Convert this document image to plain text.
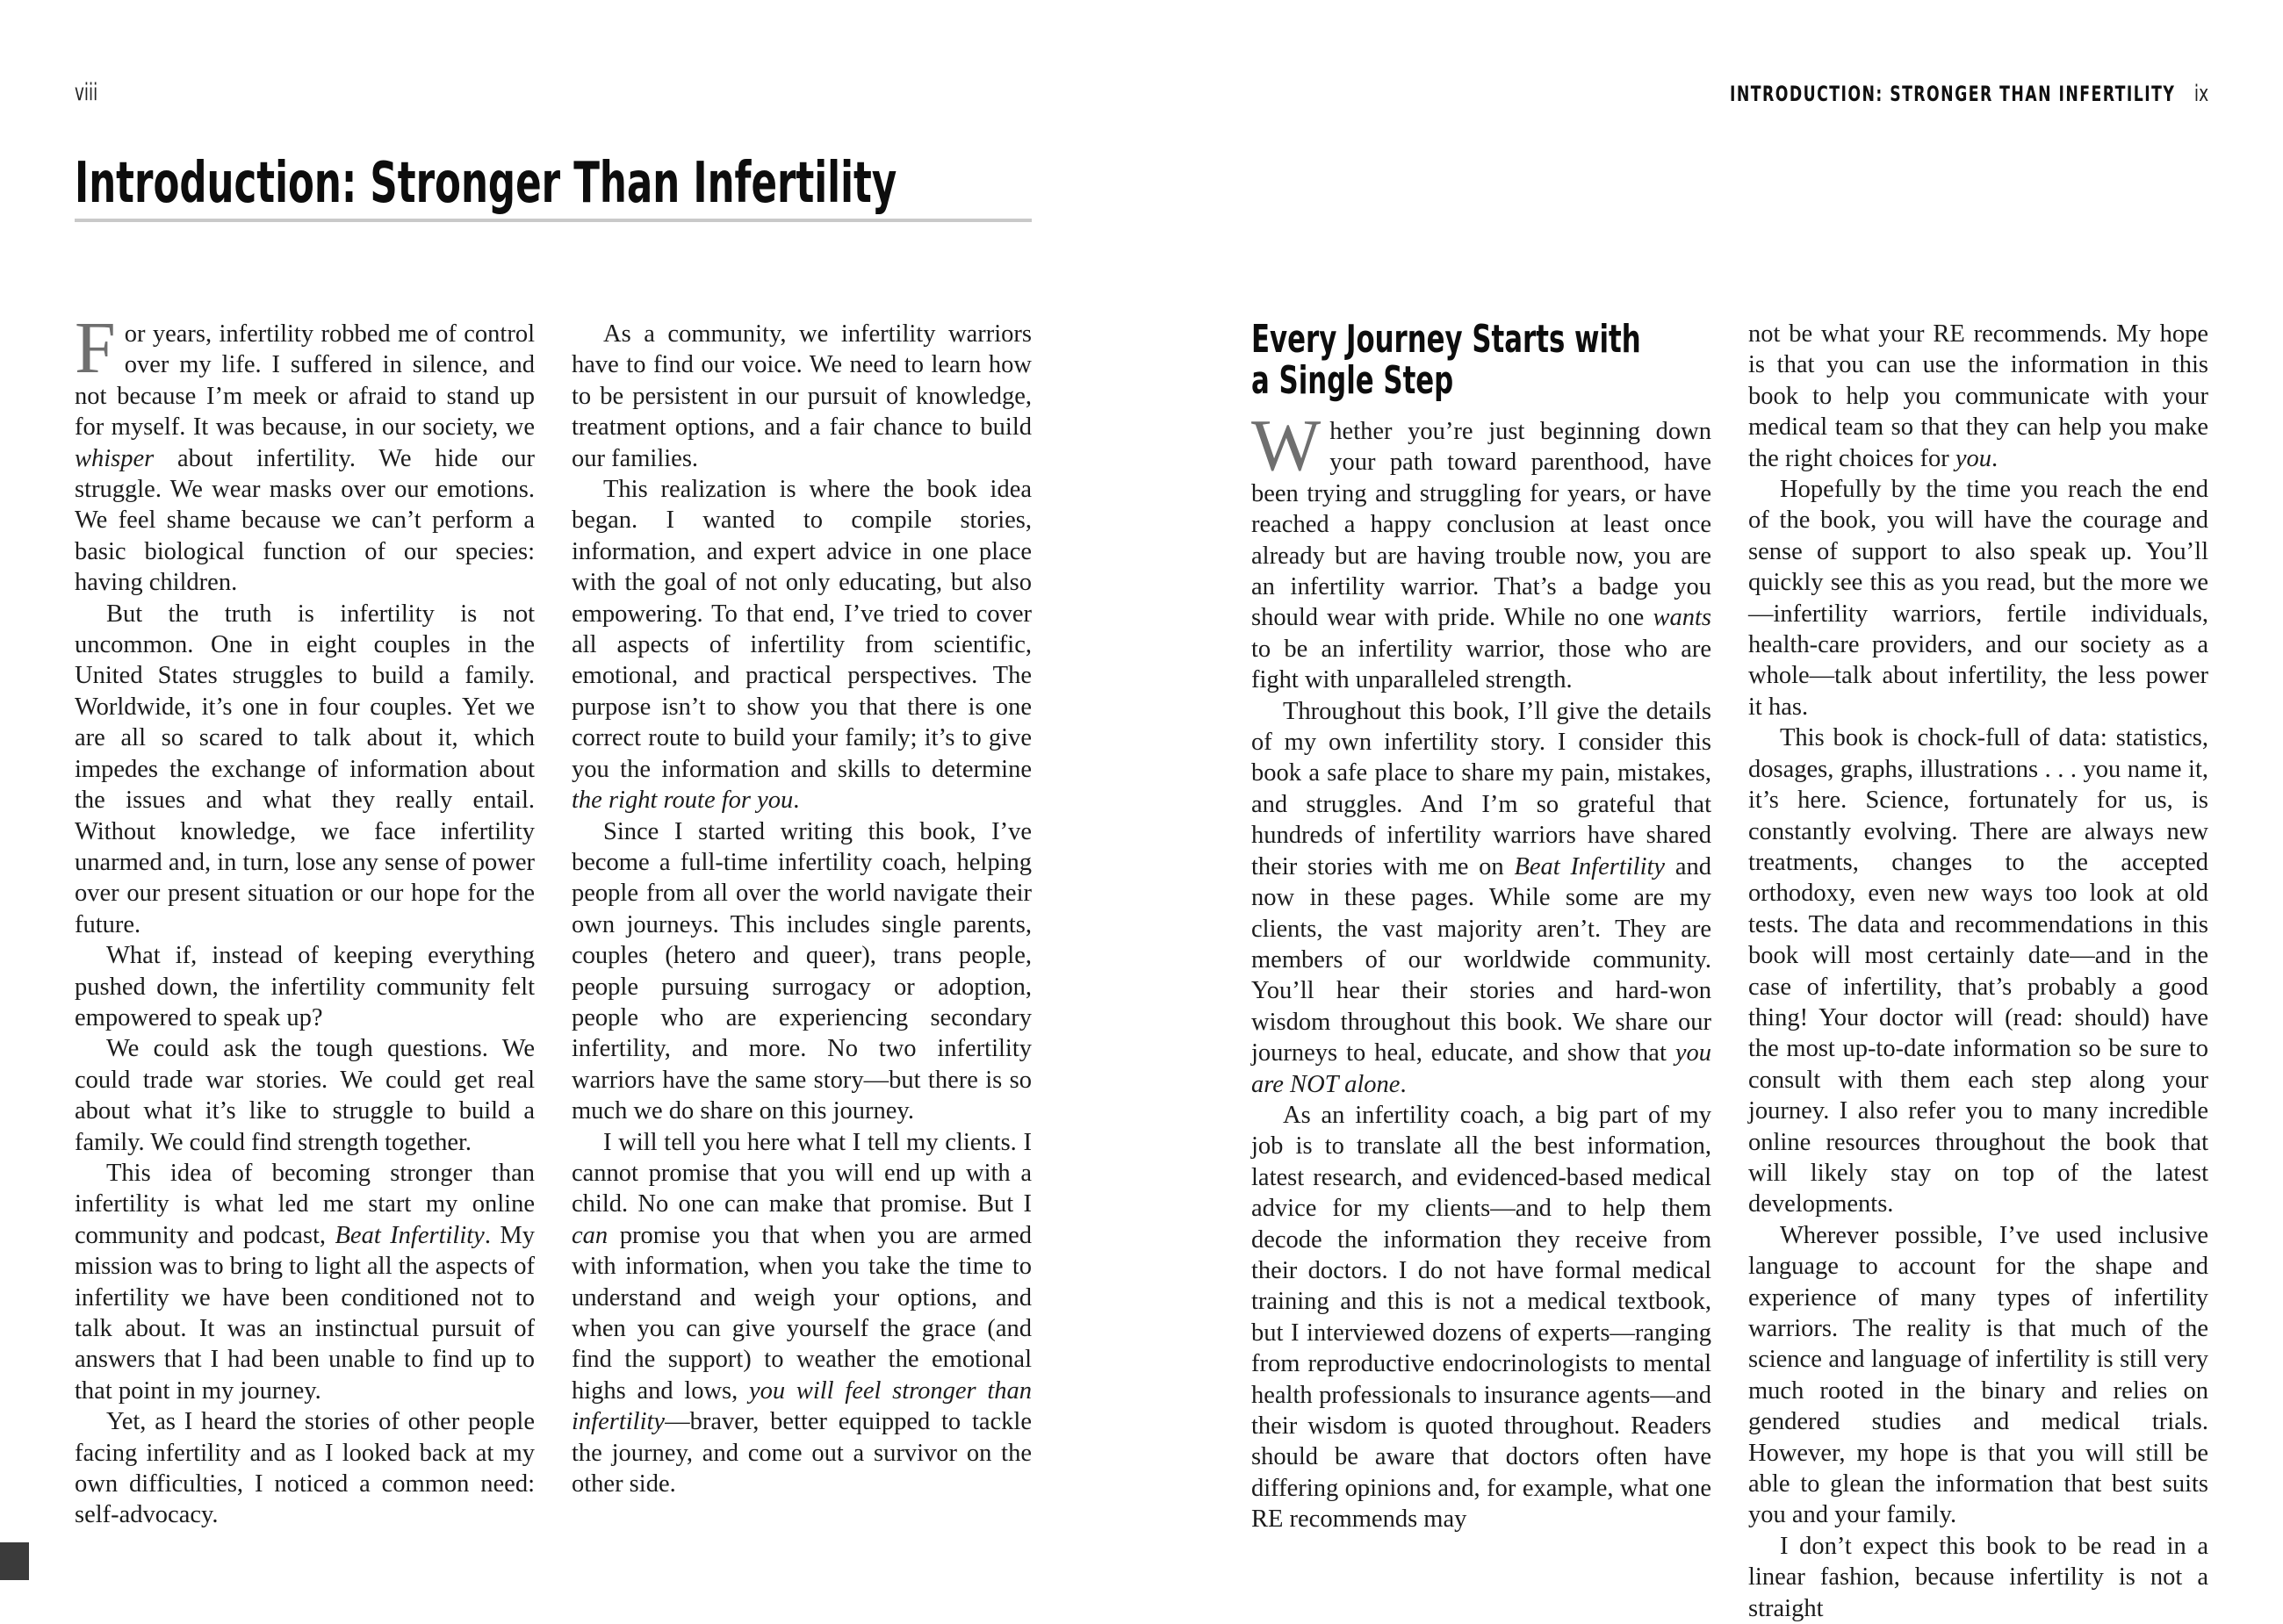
viii
Introduction: Stronger Than Infertility

For years, infertility robbed me of control over my life. I suffered in silence, and not because I’m meek or afraid to stand up for myself. It was because, in our society, we whisper about infertility. We hide our struggle. We wear masks over our emotions. We feel shame because we can’t perform a basic biological function of our species: having children.

But the truth is infertility is not uncommon. One in eight couples in the United States struggles to build a family. Worldwide, it’s one in four couples. Yet we are all so scared to talk about it, which impedes the exchange of information about the issues and what they really entail. Without knowledge, we face infertility unarmed and, in turn, lose any sense of power over our present situation or our hope for the future.

What if, instead of keeping everything pushed down, the infertility community felt empowered to speak up?

We could ask the tough questions. We could trade war stories. We could get real about what it’s like to struggle to build a family. We could find strength together.

This idea of becoming stronger than infertility is what led me start my online community and podcast, Beat Infertility. My mission was to bring to light all the aspects of infertility we have been conditioned not to talk about. It was an instinctual pursuit of answers that I had been unable to find up to that point in my journey.

Yet, as I heard the stories of other people facing infertility and as I looked back at my own difficulties, I noticed a common need: self-advocacy.

As a community, we infertility warriors have to find our voice. We need to learn how to be persistent in our pursuit of knowledge, treatment options, and a fair chance to build our families.

This realization is where the book idea began. I wanted to compile stories, information, and expert advice in one place with the goal of not only educating, but also empowering. To that end, I’ve tried to cover all aspects of infertility from scientific, emotional, and practical perspectives. The purpose isn’t to show you that there is one correct route to build your family; it’s to give you the information and skills to determine the right route for you.

Since I started writing this book, I’ve become a full-time infertility coach, helping people from all over the world navigate their own journeys. This includes single parents, couples (hetero and queer), trans people, people pursuing surrogacy or adoption, people who are experiencing secondary infertility, and more. No two infertility warriors have the same story—but there is so much we do share on this journey.

I will tell you here what I tell my clients. I cannot promise that you will end up with a child. No one can make that promise. But I can promise you that when you are armed with information, when you take the time to understand and weigh your options, and when you can give yourself the grace (and find the support) to weather the emotional highs and lows, you will feel stronger than infertility—braver, better equipped to tackle the journey, and come out a survivor on the other side.

INTRODUCTION: STRONGER THAN INFERTILITY ix
Every Journey Starts with
a Single Step

Whether you’re just beginning down your path toward parenthood, have been trying and struggling for years, or have reached a happy conclusion at least once already but are having trouble now, you are an infertility warrior. That’s a badge you should wear with pride. While no one wants to be an infertility warrior, those who are fight with unparalleled strength.

Throughout this book, I’ll give the details of my own infertility story. I consider this book a safe place to share my pain, mistakes, and struggles. And I’m so grateful that hundreds of infertility warriors have shared their stories with me on Beat Infertility and now in these pages. While some are my clients, the vast majority aren’t. They are members of our worldwide community. You’ll hear their stories and hard-won wisdom throughout this book. We share our journeys to heal, educate, and show that you are NOT alone.

As an infertility coach, a big part of my job is to translate all the best information, latest research, and evidenced-based medical advice for my clients—and to help them decode the information they receive from their doctors. I do not have formal medical training and this is not a medical textbook, but I interviewed dozens of experts—ranging from reproductive endocrinologists to mental health professionals to insurance agents—and their wisdom is quoted throughout. Readers should be aware that doctors often have differing opinions and, for example, what one RE recommends may

not be what your RE recommends. My hope is that you can use the information in this book to help you communicate with your medical team so that they can help you make the right choices for you.

Hopefully by the time you reach the end of the book, you will have the courage and sense of support to also speak up. You’ll quickly see this as you read, but the more we—infertility warriors, fertile individuals, health-care providers, and our society as a whole—talk about infertility, the less power it has.

This book is chock-full of data: statistics, dosages, graphs, illustrations . . . you name it, it’s here. Science, fortunately for us, is constantly evolving. There are always new treatments, changes to the accepted orthodoxy, even new ways too look at old tests. The data and recommendations in this book will most certainly date—and in the case of infertility, that’s probably a good thing! Your doctor will (read: should) have the most up-to-date information so be sure to consult with them each step along your journey. I also refer you to many incredible online resources throughout the book that will likely stay on top of the latest developments.

Wherever possible, I’ve used inclusive language to account for the shape and experience of many types of infertility warriors. The reality is that much of the science and language of infertility is still very much rooted in the binary and relies on gendered studies and medical trials. However, my hope is that you will still be able to glean the information that best suits you and your family.

I don’t expect this book to be read in a linear fashion, because infertility is not a straight
